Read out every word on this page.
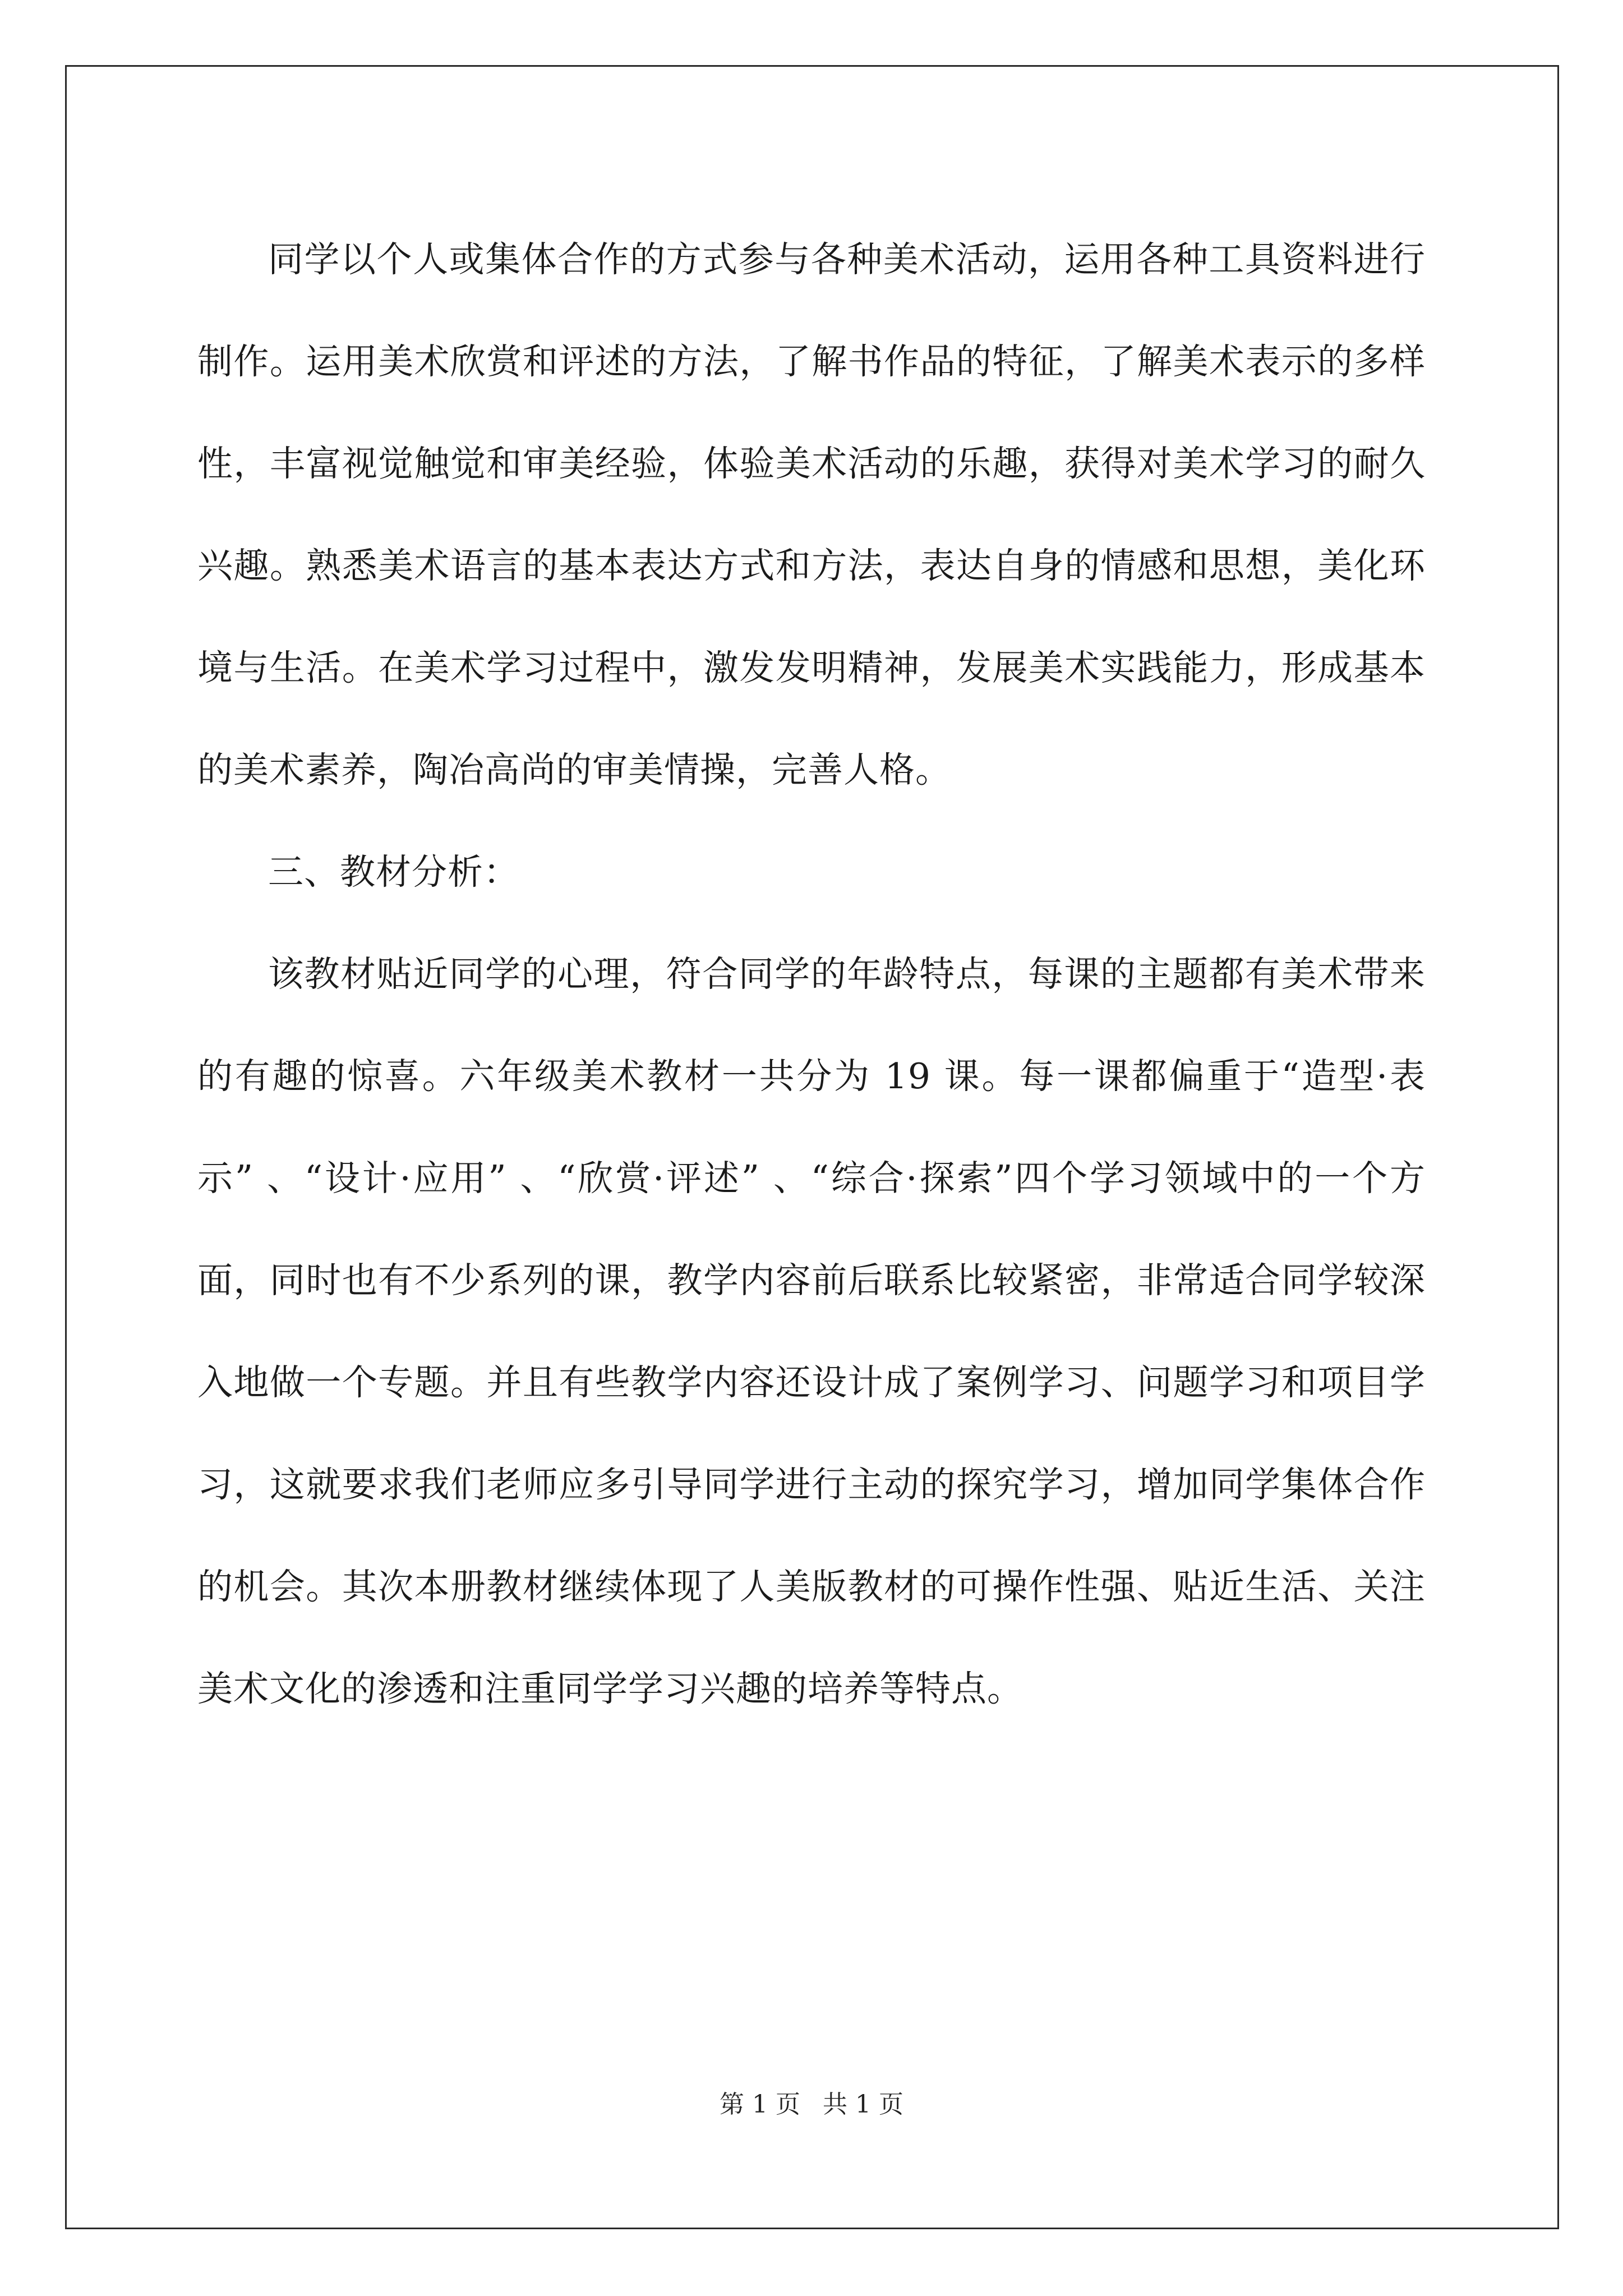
同学以个人或集体合作的方式参与各种美术活动，运用各种工具资料进行制作。运用美术欣赏和评述的方法，了解书作品的特征，了解美术表示的多样性，丰富视觉触觉和审美经验，体验美术活动的乐趣，获得对美术学习的耐久兴趣。熟悉美术语言的基本表达方式和方法，表达自身的情感和思想，美化环境与生活。在美术学习过程中，激发发明精神，发展美术实践能力，形成基本的美术素养，陶冶高尚的审美情操，完善人格。

三、教材分析：

该教材贴近同学的心理，符合同学的年龄特点，每课的主题都有美术带来的有趣的惊喜。六年级美术教材一共分为 19 课。每一课都偏重于“造型·表示” 、“设计·应用” 、“欣赏·评述” 、“综合·探索”四个学习领域中的一个方面，同时也有不少系列的课，教学内容前后联系比较紧密，非常适合同学较深入地做一个专题。并且有些教学内容还设计成了案例学习、问题学习和项目学习，这就要求我们老师应多引导同学进行主动的探究学习，增加同学集体合作的机会。其次本册教材继续体现了人美版教材的可操作性强、贴近生活、关注美术文化的渗透和注重同学学习兴趣的培养等特点。

第 1 页 共 1 页
